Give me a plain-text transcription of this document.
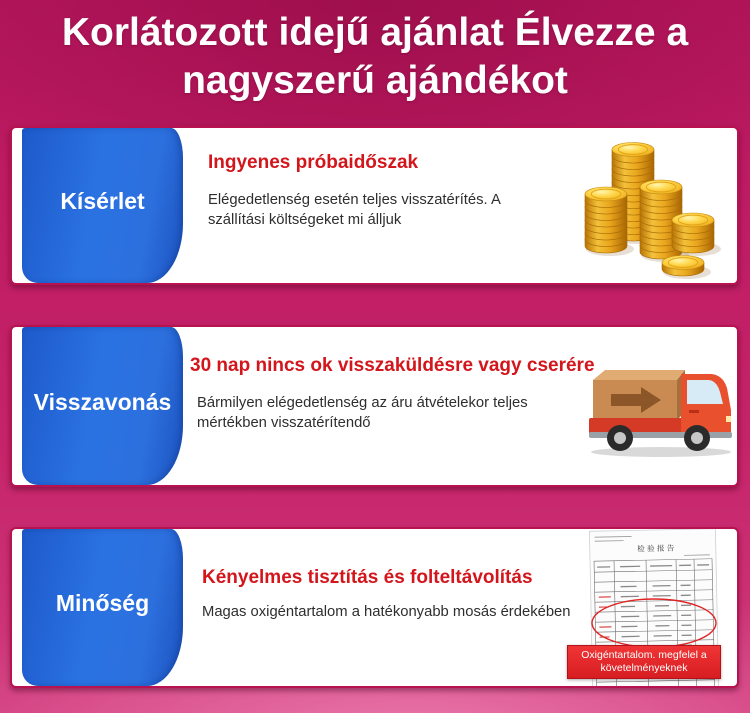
Korlátozott idejű ajánlat Élvezze a nagyszerű ajándékot
Kísérlet
Ingyenes próbaidőszak
Elégedetlenség esetén teljes visszatérítés. A szállítási költségeket mi álljuk
Visszavonás
30 nap nincs ok visszaküldésre vagy cserére
Bármilyen elégedetlenség az áru átvételekor teljes mértékben visszatérítendő
Minőség
Kényelmes tisztítás és folteltávolítás
Magas oxigéntartalom a hatékonyabb mosás érdekében
检 验 报 告
Oxigéntartalom. megfelel a követelményeknek
